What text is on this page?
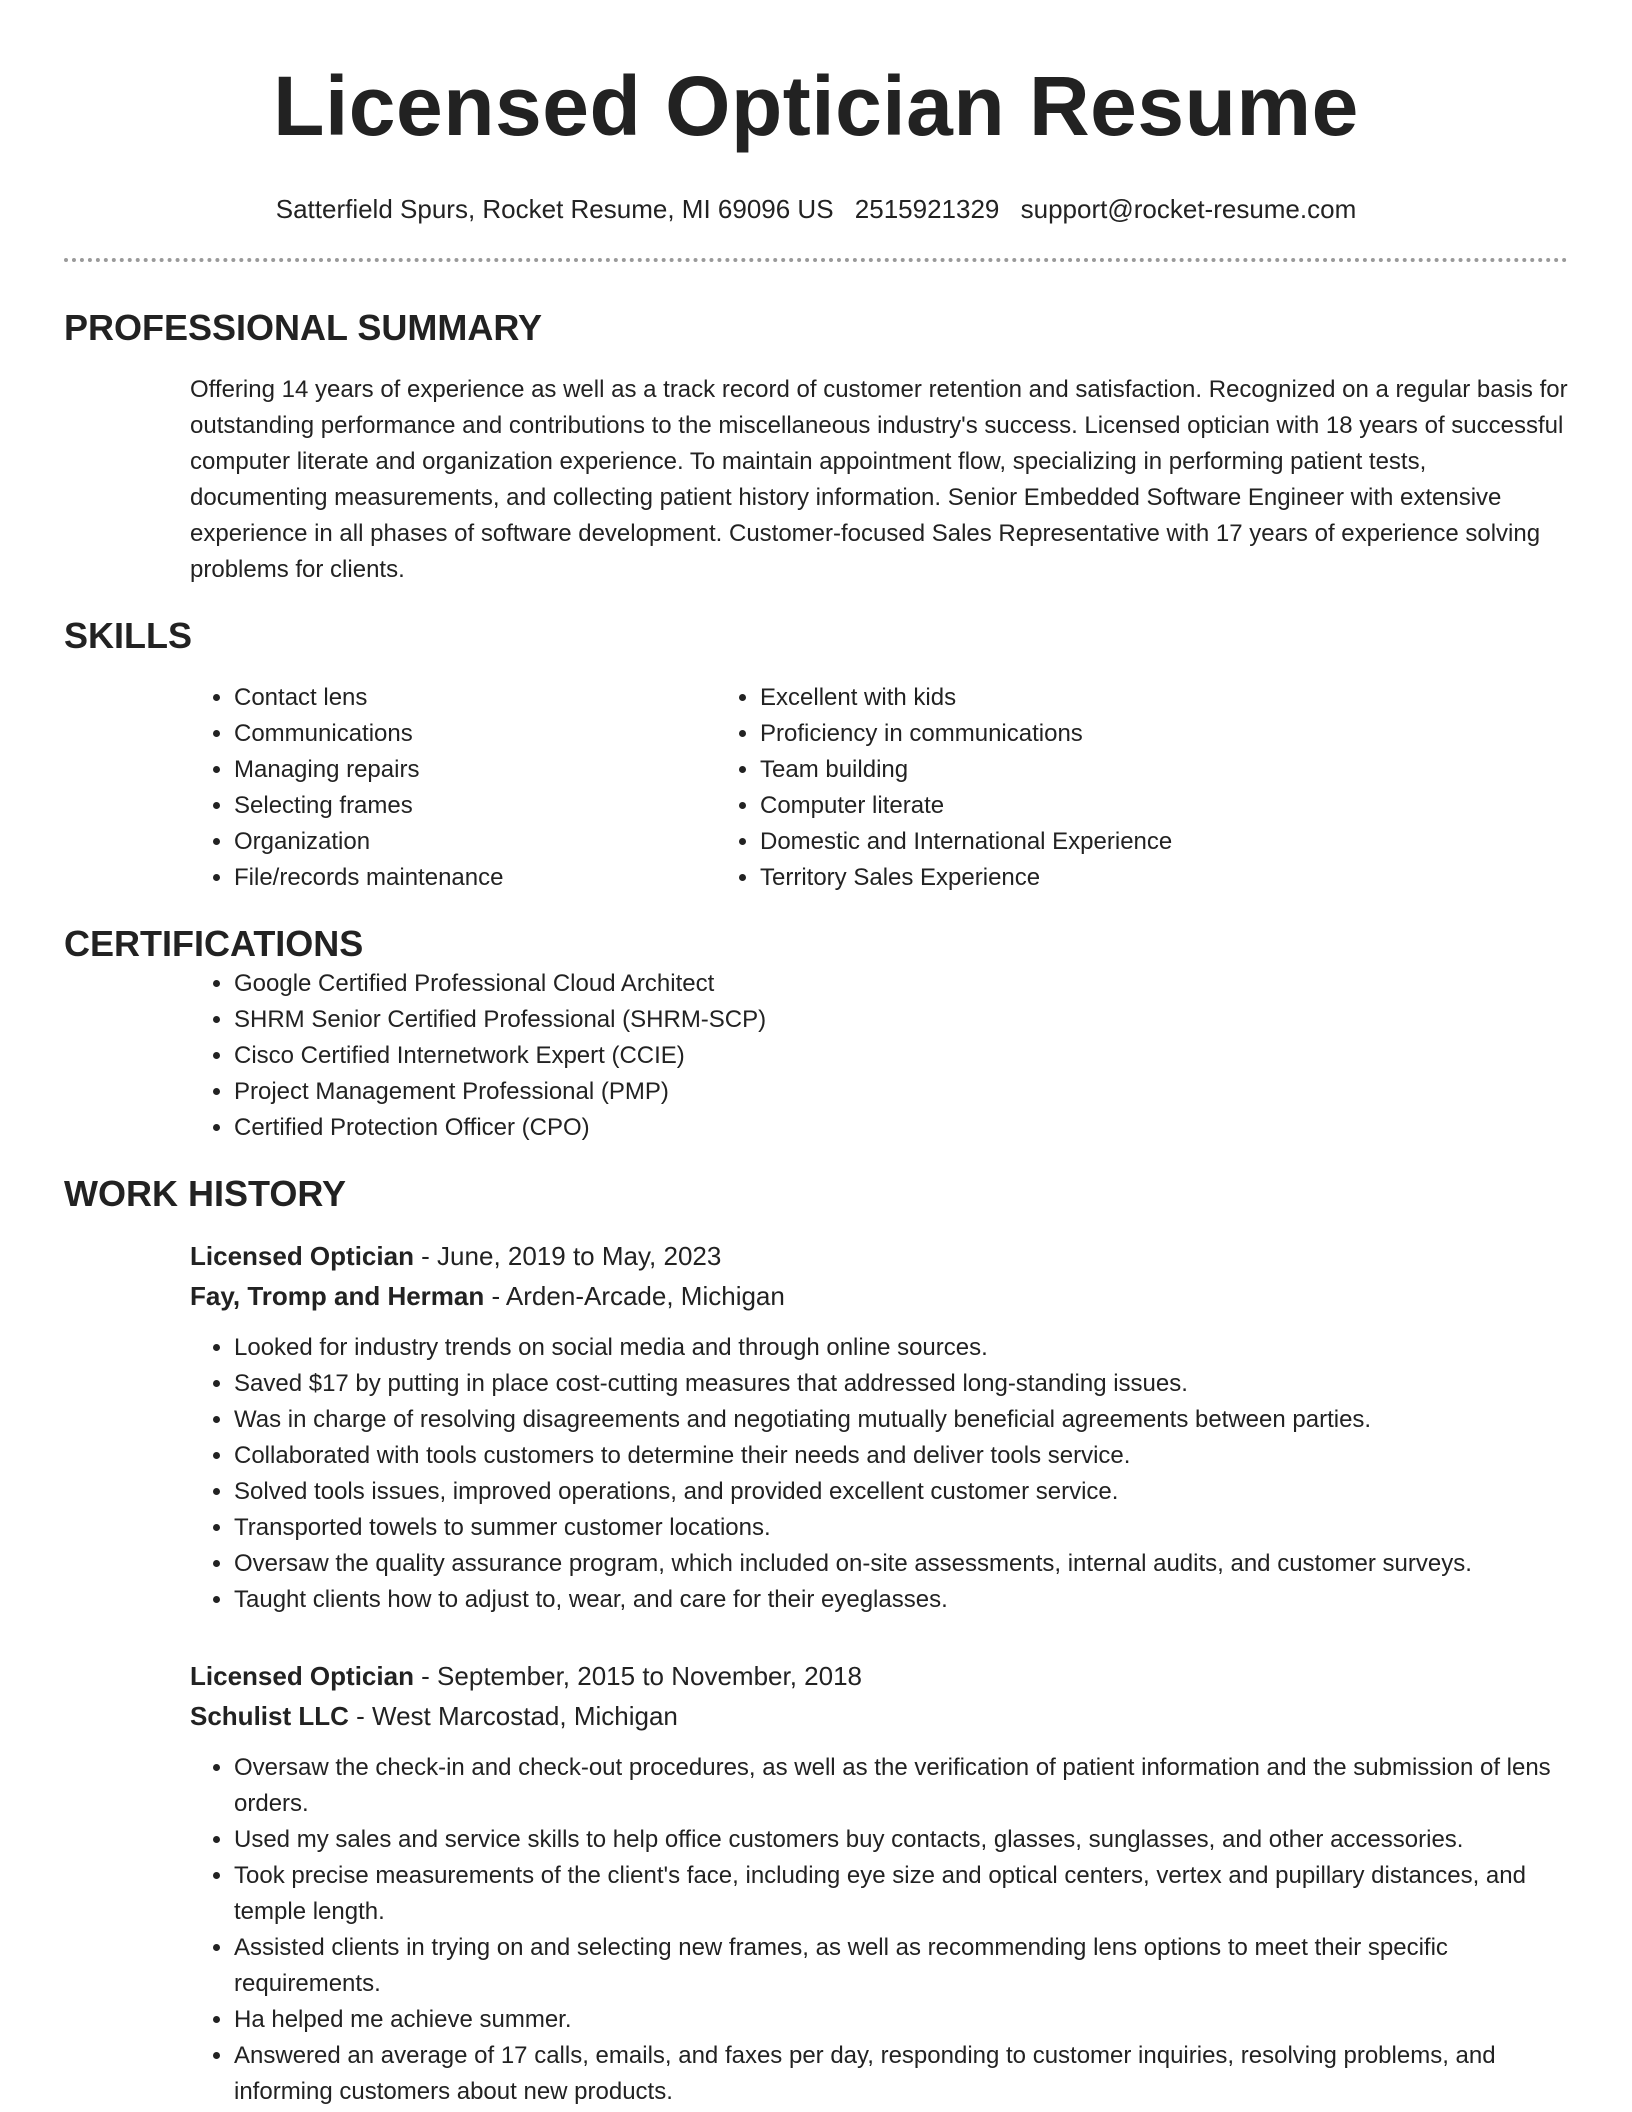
Licensed Optician Resume
Satterfield Spurs, Rocket Resume, MI 69096 US 2515921329 support@rocket-resume.com
PROFESSIONAL SUMMARY

Offering 14 years of experience as well as a track record of customer retention and satisfaction. Recognized on a regular basis for outstanding performance and contributions to the miscellaneous industry's success. Licensed optician with 18 years of successful computer literate and organization experience. To maintain appointment flow, specializing in performing patient tests, documenting measurements, and collecting patient history information. Senior Embedded Software Engineer with extensive experience in all phases of software development. Customer-focused Sales Representative with 17 years of experience solving problems for clients.

SKILLS
• Contact lens
• Communications
• Managing repairs
• Selecting frames
• Organization
• File/records maintenance
• Excellent with kids
• Proficiency in communications
• Team building
• Computer literate
• Domestic and International Experience
• Territory Sales Experience
CERTIFICATIONS
• Google Certified Professional Cloud Architect
• SHRM Senior Certified Professional (SHRM-SCP)
• Cisco Certified Internetwork Expert (CCIE)
• Project Management Professional (PMP)
• Certified Protection Officer (CPO)
WORK HISTORY
Licensed Optician - June, 2019 to May, 2023
Fay, Tromp and Herman - Arden-Arcade, Michigan
• Looked for industry trends on social media and through online sources.
• Saved $17 by putting in place cost-cutting measures that addressed long-standing issues.
• Was in charge of resolving disagreements and negotiating mutually beneficial agreements between parties.
• Collaborated with tools customers to determine their needs and deliver tools service.
• Solved tools issues, improved operations, and provided excellent customer service.
• Transported towels to summer customer locations.
• Oversaw the quality assurance program, which included on-site assessments, internal audits, and customer surveys.
• Taught clients how to adjust to, wear, and care for their eyeglasses.
Licensed Optician - September, 2015 to November, 2018
Schulist LLC - West Marcostad, Michigan
• Oversaw the check-in and check-out procedures, as well as the verification of patient information and the submission of lens orders.
• Used my sales and service skills to help office customers buy contacts, glasses, sunglasses, and other accessories.
• Took precise measurements of the client's face, including eye size and optical centers, vertex and pupillary distances, and temple length.
• Assisted clients in trying on and selecting new frames, as well as recommending lens options to meet their specific requirements.
• Ha helped me achieve summer.
• Answered an average of 17 calls, emails, and faxes per day, responding to customer inquiries, resolving problems, and informing customers about new products.
